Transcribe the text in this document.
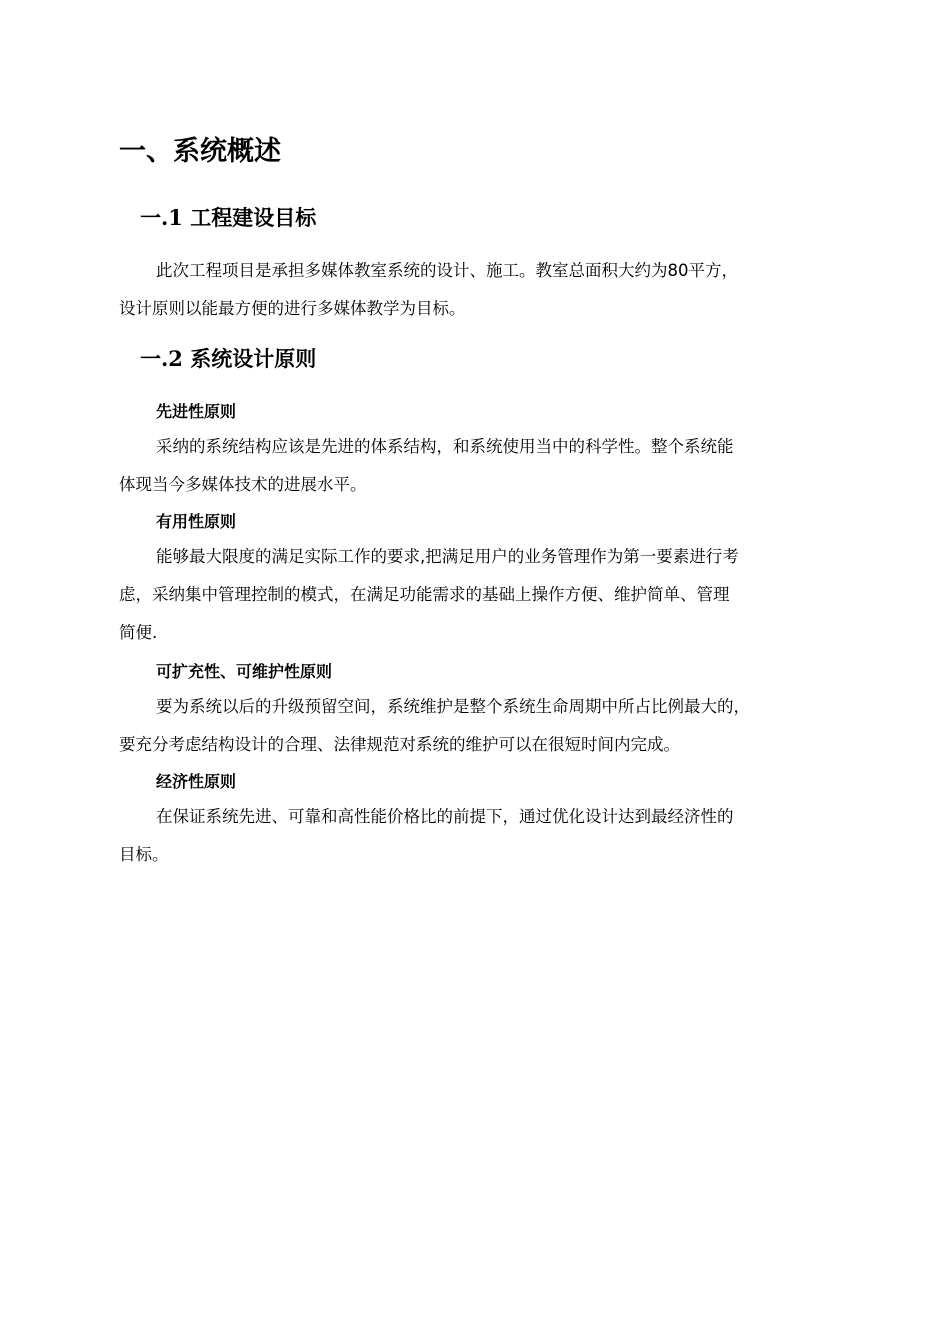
一、系统概述
一.1 工程建设目标
此次工程项目是承担多媒体教室系统的设计、施工。教室总面积大约为80平方，
设计原则以能最方便的进行多媒体教学为目标。
一.2 系统设计原则
先进性原则
采纳的系统结构应该是先进的体系结构，和系统使用当中的科学性。整个系统能
体现当今多媒体技术的进展水平。
有用性原则
能够最大限度的满足实际工作的要求,把满足用户的业务管理作为第一要素进行考
虑，采纳集中管理控制的模式，在满足功能需求的基础上操作方便、维护简单、管理
简便.
可扩充性、可维护性原则
要为系统以后的升级预留空间，系统维护是整个系统生命周期中所占比例最大的，
要充分考虑结构设计的合理、法律规范对系统的维护可以在很短时间内完成。
经济性原则
在保证系统先进、可靠和高性能价格比的前提下，通过优化设计达到最经济性的
目标。
